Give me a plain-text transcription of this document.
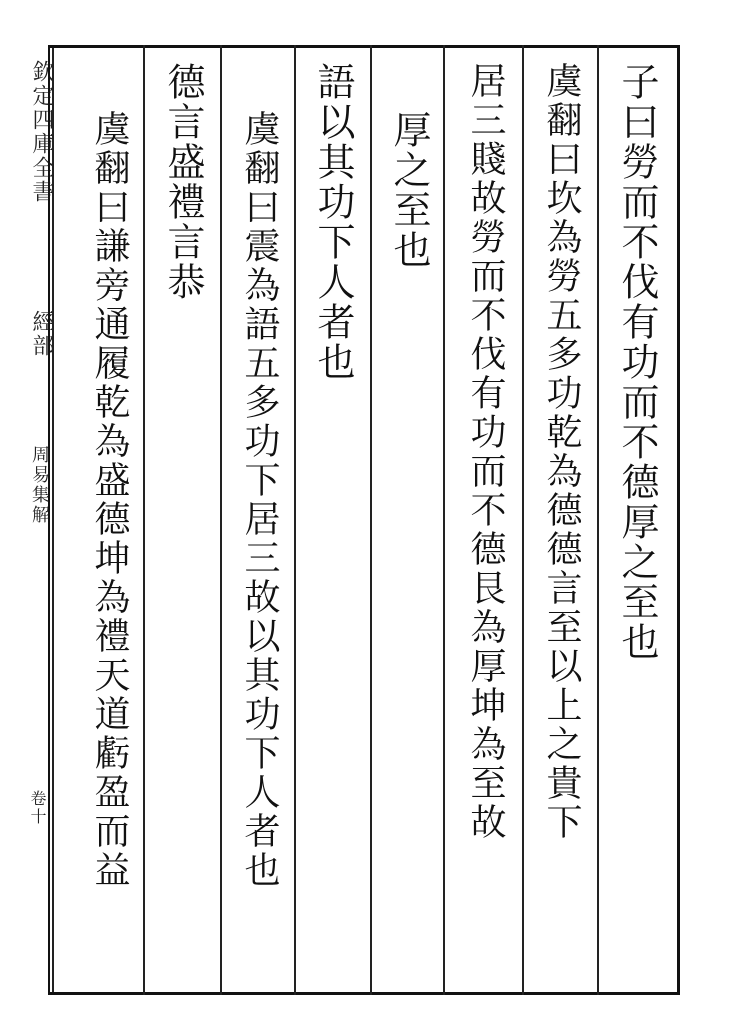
欽定四庫全書
經部
周易集解
卷十
子曰勞而不伐有功而不德厚之至也
虞翻曰坎為勞五多功乾為德德言至以上之貴下
居三賤故勞而不伐有功而不德艮為厚坤為至故
厚之至也
語以其功下人者也
虞翻曰震為語五多功下居三故以其功下人者也
德言盛禮言恭
虞翻曰謙旁通履乾為盛德坤為禮天道虧盈而益
